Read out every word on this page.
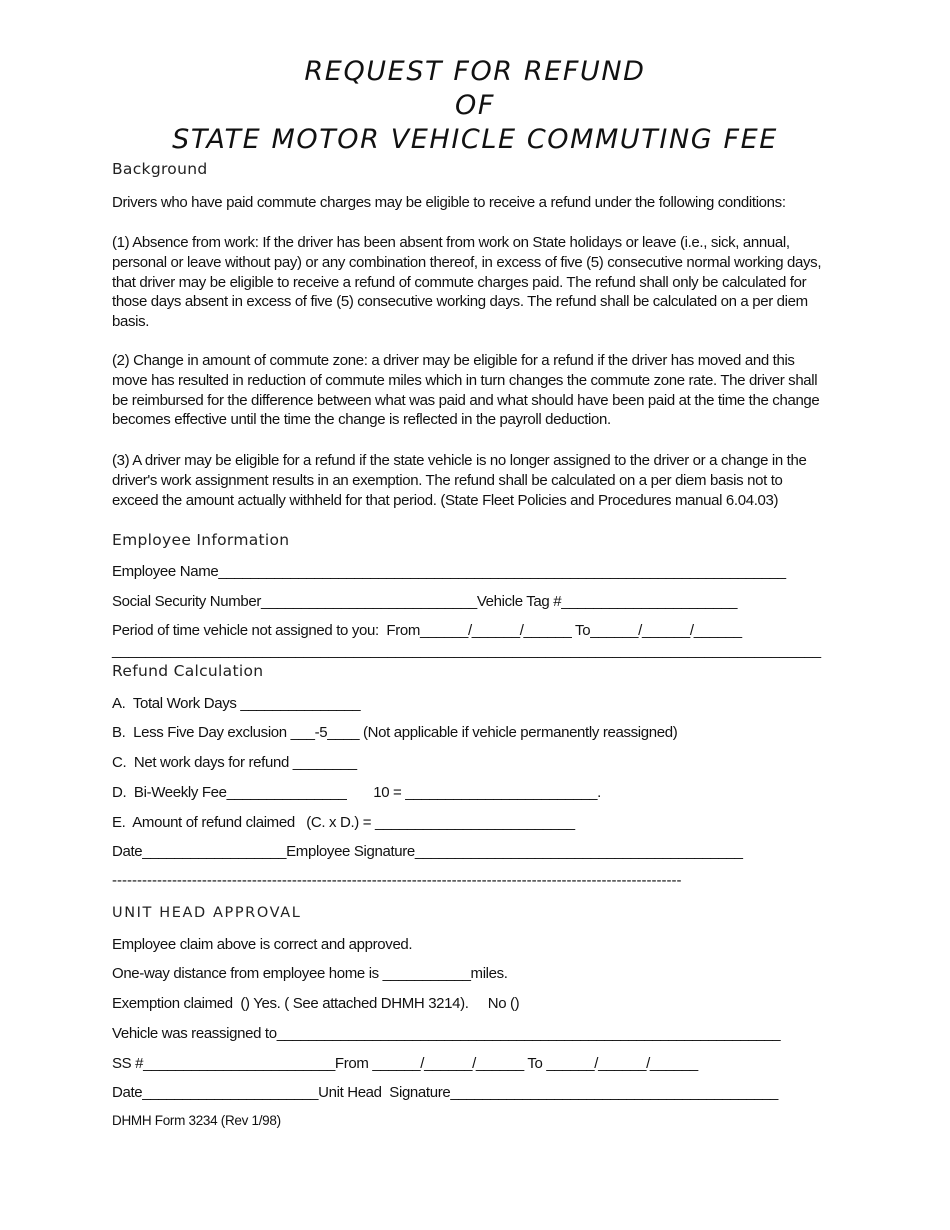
REQUEST FOR REFUND
OF
STATE MOTOR VEHICLE COMMUTING FEE
Background
Drivers who have paid commute charges may be eligible to receive a refund under the following conditions:
(1) Absence from work: If the driver has been absent from work on State holidays or leave (i.e., sick, annual, personal or leave without pay) or any combination thereof, in excess of five (5) consecutive normal working days, that driver may be eligible to receive a refund of commute charges paid. The refund shall only be calculated for those days absent in excess of five (5) consecutive working days. The refund shall be calculated on a per diem basis.
(2) Change in amount of commute zone: a driver may be eligible for a refund if the driver has moved and this move has resulted in reduction of commute miles which in turn changes the commute zone rate. The driver shall be reimbursed for the difference between what was paid and what should have been paid at the time the change becomes effective until the time the change is reflected in the payroll deduction.
(3) A driver may be eligible for a refund if the state vehicle is no longer assigned to the driver or a change in the driver's work assignment results in an exemption. The refund shall be calculated on a per diem basis not to exceed the amount actually withheld for that period. (State Fleet Policies and Procedures manual 6.04.03)
Employee Information
Employee Name_______________________________________________________________________
Social Security Number___________________________Vehicle Tag #______________________
Period of time vehicle not assigned to you:  From______/______/______ To______/______/______
_____________________________________________________________________________________
Refund Calculation
A.  Total Work Days _______________
B.  Less Five Day exclusion ___-5____ (Not applicable if vehicle permanently reassigned)
C.  Net work days for refund ________
D.  Bi-Weekly Fee_______________       10 = ________________________.
E.  Amount of refund claimed   (C. x D.) = _________________________
Date__________________Employee Signature_________________________________________
------------------------------------------------------------------------------------------------------------------
UNIT HEAD APPROVAL
Employee claim above is correct and approved.
One-way distance from employee home is ___________miles.
Exemption claimed  () Yes. ( See attached DHMH 3214).     No ()
Vehicle was reassigned to_______________________________________________________________
SS #________________________From ______/______/______ To ______/______/______
Date______________________Unit Head  Signature_________________________________________
DHMH Form 3234 (Rev 1/98)
